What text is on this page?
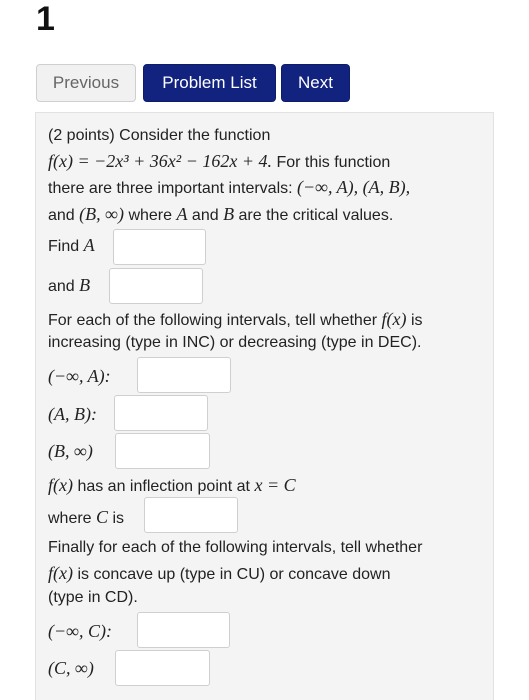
1
Previous	Problem List	Next
(2 points) Consider the function
f(x) = −2x³ + 36x² − 162x + 4. For this function
there are three important intervals: (−∞, A), (A, B),
and (B, ∞) where A and B are the critical values.
Find A
and B
For each of the following intervals, tell whether f(x) is
increasing (type in INC) or decreasing (type in DEC).
(−∞, A):
(A, B):
(B, ∞)
f(x) has an inflection point at x = C
where C is
Finally for each of the following intervals, tell whether
f(x) is concave up (type in CU) or concave down
(type in CD).
(−∞, C):
(C, ∞)
